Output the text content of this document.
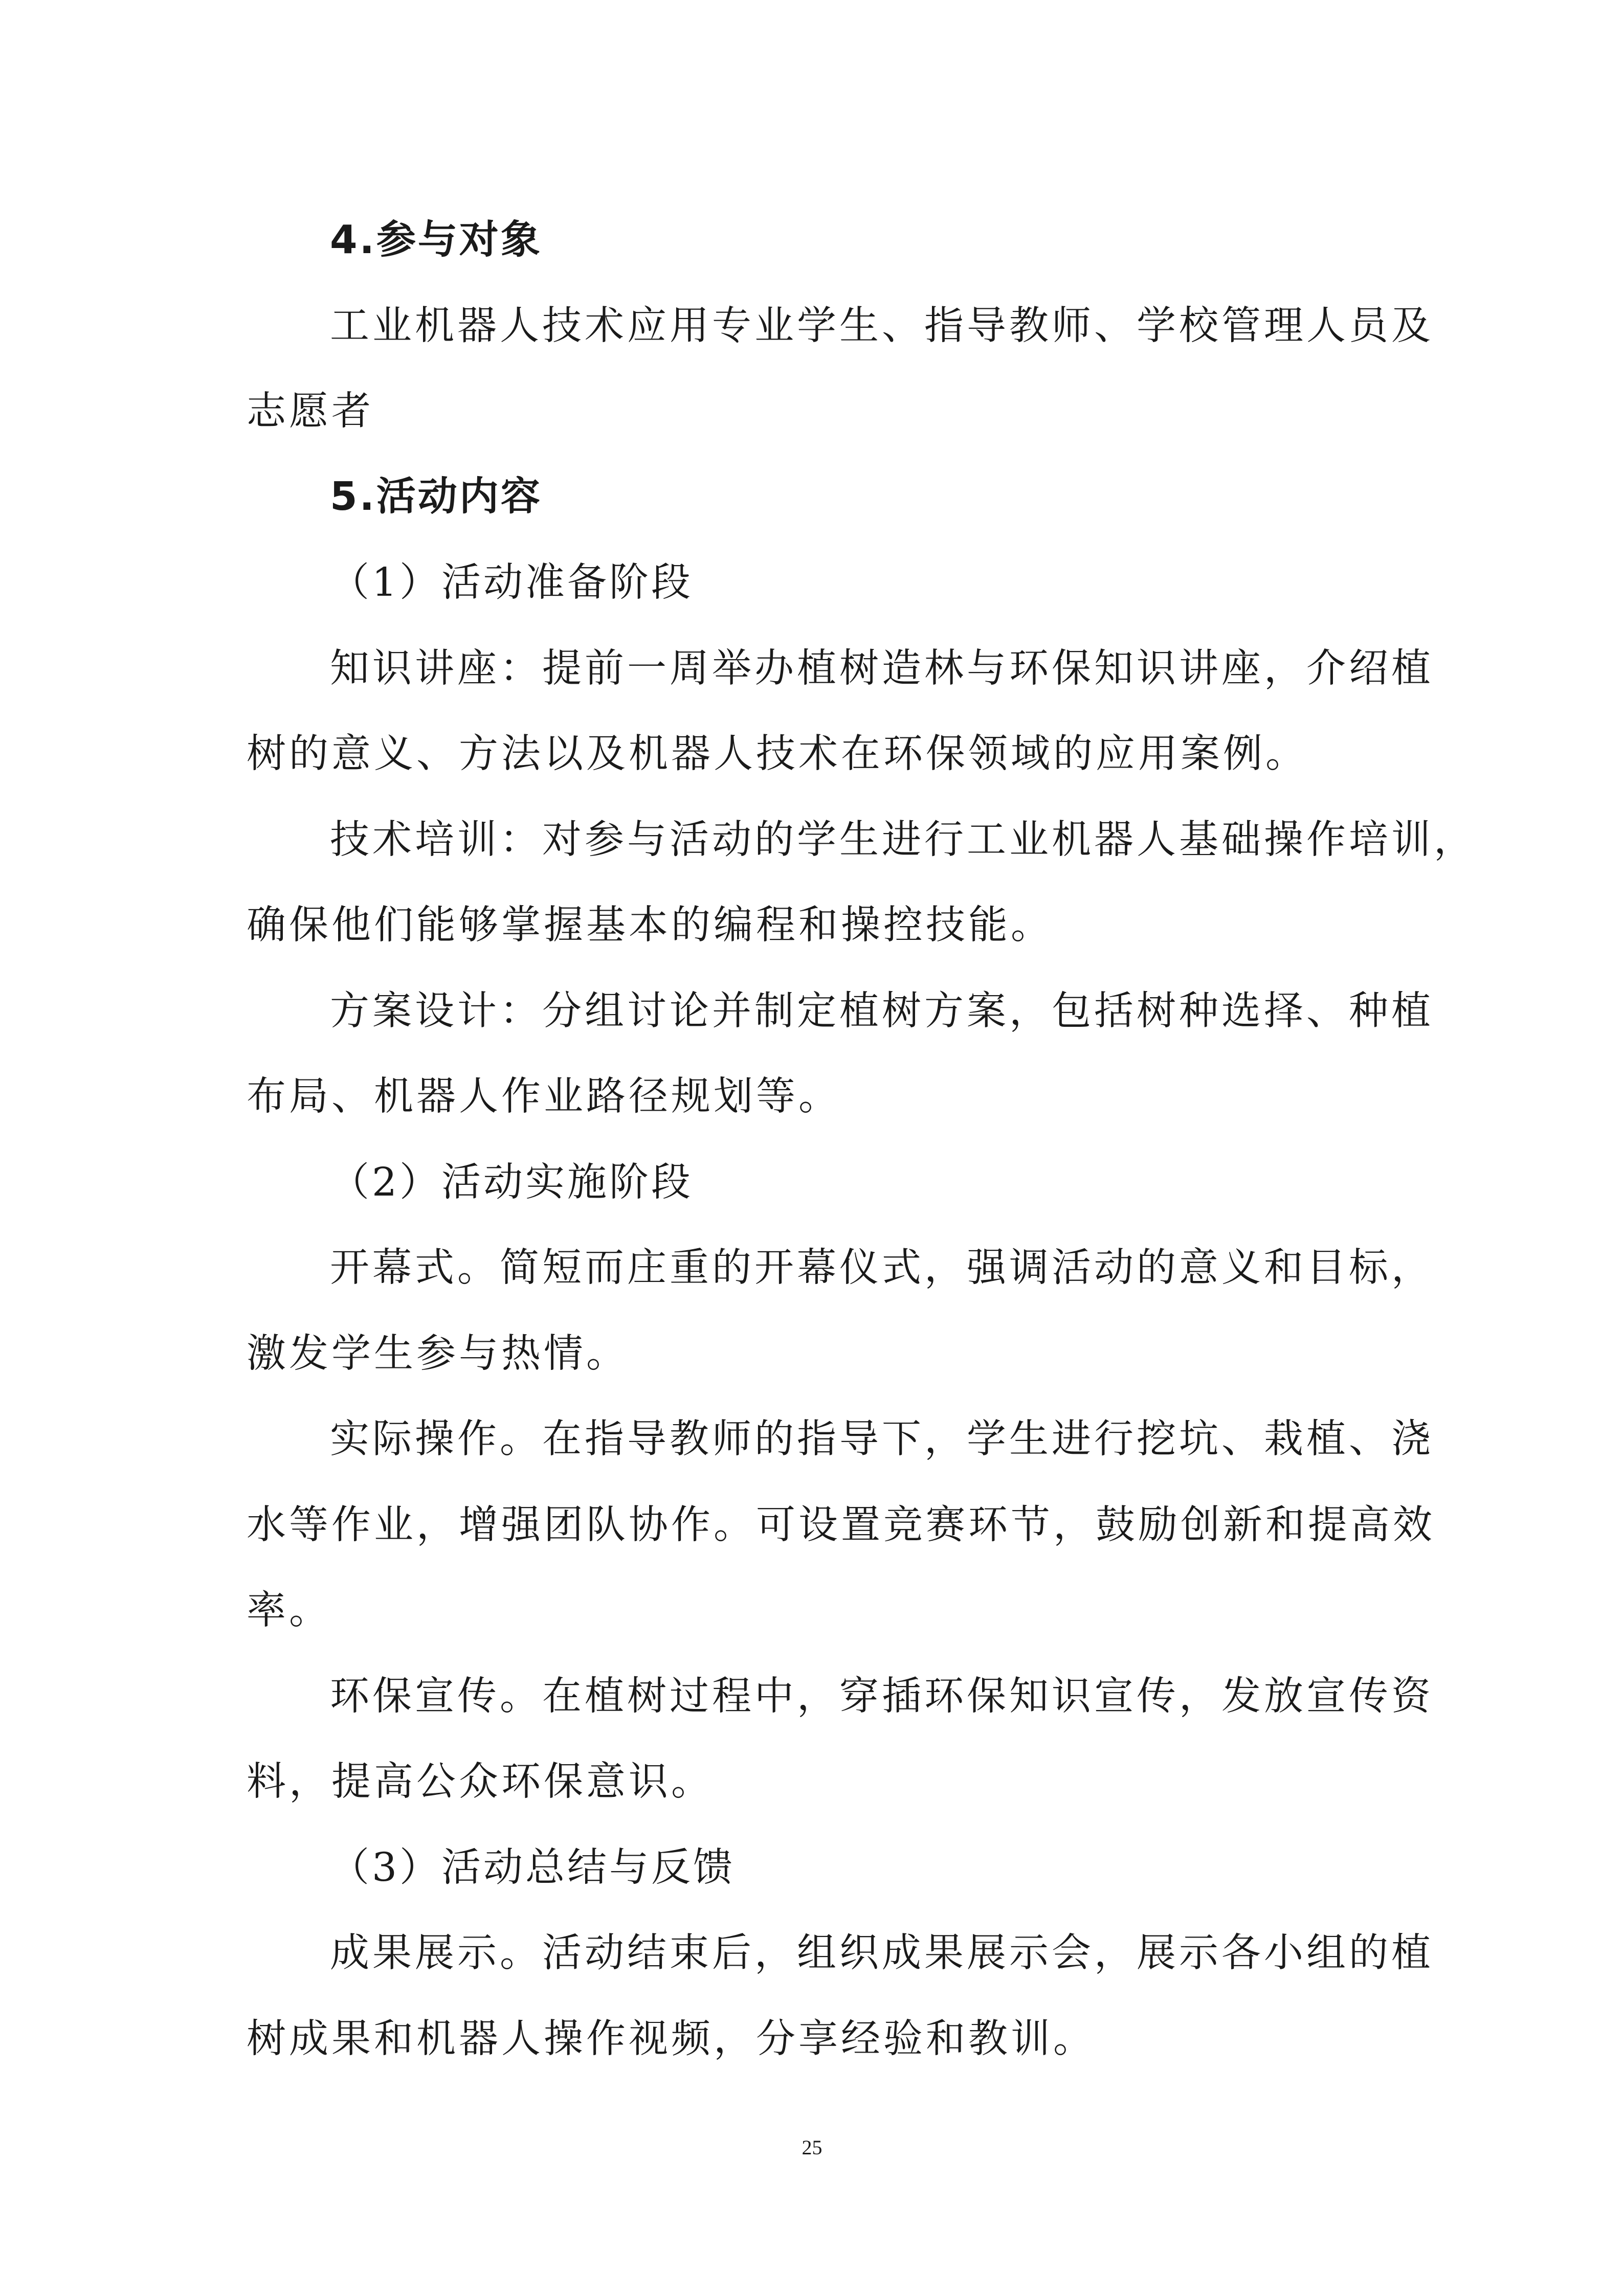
4.参与对象
工业机器人技术应用专业学生、指导教师、学校管理人员及
志愿者
5.活动内容
（1）活动准备阶段
知识讲座：提前一周举办植树造林与环保知识讲座，介绍植
树的意义、方法以及机器人技术在环保领域的应用案例。
技术培训：对参与活动的学生进行工业机器人基础操作培训，
确保他们能够掌握基本的编程和操控技能。
方案设计：分组讨论并制定植树方案，包括树种选择、种植
布局、机器人作业路径规划等。
（2）活动实施阶段
开幕式。简短而庄重的开幕仪式，强调活动的意义和目标，
激发学生参与热情。
实际操作。在指导教师的指导下，学生进行挖坑、栽植、浇
水等作业，增强团队协作。可设置竞赛环节，鼓励创新和提高效
率。
环保宣传。在植树过程中，穿插环保知识宣传，发放宣传资
料，提高公众环保意识。
（3）活动总结与反馈
成果展示。活动结束后，组织成果展示会，展示各小组的植
树成果和机器人操作视频，分享经验和教训。
25
